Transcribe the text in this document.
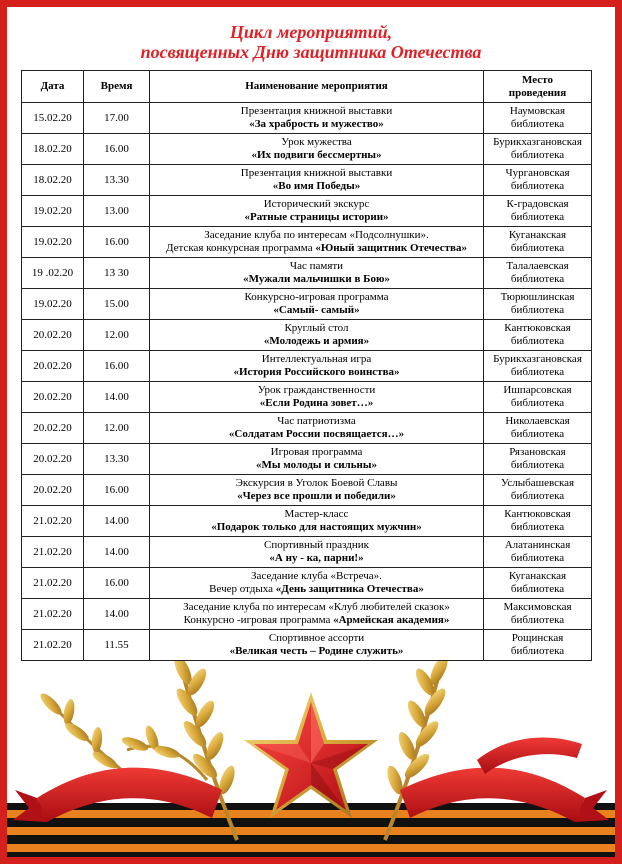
Цикл мероприятий,
посвященных Дню защитника Отечества
Дата	Время	Наименование мероприятия	Место
проведения

15.02.20	17.00	Презентация книжной выставки
«За храбрость и мужество»	Наумовская
библиотека

18.02.20	16.00	Урок мужества
«Их подвиги бессмертны»	Бурикхазгановская
библиотека

18.02.20	13.30	Презентация книжной выставки
«Во имя Победы»	Чургановская
библиотека

19.02.20	13.00	Исторический экскурс
«Ратные страницы истории»	К-градовская
библиотека

19.02.20	16.00	Заседание клуба по интересам «Подсолнушки».
Детская конкурсная программа «Юный защитник Отечества»	Куганакская
библиотека

19 .02.20	13 30	Час памяти
«Мужали мальчишки в Бою»	Талалаевская
библиотека

19.02.20	15.00	Конкурсно-игровая программа
«Самый- самый»	Тюрюшлинская
библиотека

20.02.20	12.00	Круглый стол
«Молодежь и армия»	Кантюковская
библиотека

20.02.20	16.00	Интеллектуальная игра
«История Российского воинства»	Бурикхазгановская
библиотека

20.02.20	14.00	Урок гражданственности
«Если Родина зовет…»	Ишпарсовская
библиотека

20.02.20	12.00	Час патриотизма
«Солдатам России посвящается…»	Николаевская
библиотека

20.02.20	13.30	Игровая программа
«Мы молоды и сильны»	Рязановская
библиотека

20.02.20	16.00	Экскурсия в Уголок Боевой Славы
«Через все прошли и победили»	Услыбашевская
библиотека

21.02.20	14.00	Мастер-класс
«Подарок только для настоящих мужчин»	Кантюковская
библиотека

21.02.20	14.00	Спортивный праздник
«А ну - ка, парни!»	Алатанинская
библиотека

21.02.20	16.00	Заседание клуба «Встреча».
Вечер отдыха «День защитника Отечества»	Куганакская
библиотека

21.02.20	14.00	Заседание клуба по интересам «Клуб любителей сказок»
Конкурсно -игровая программа «Армейская академия»	Максимовская
библиотека

21.02.20	11.55	Спортивное ассорти
«Великая честь – Родине служить»	Рощинская
библиотека
